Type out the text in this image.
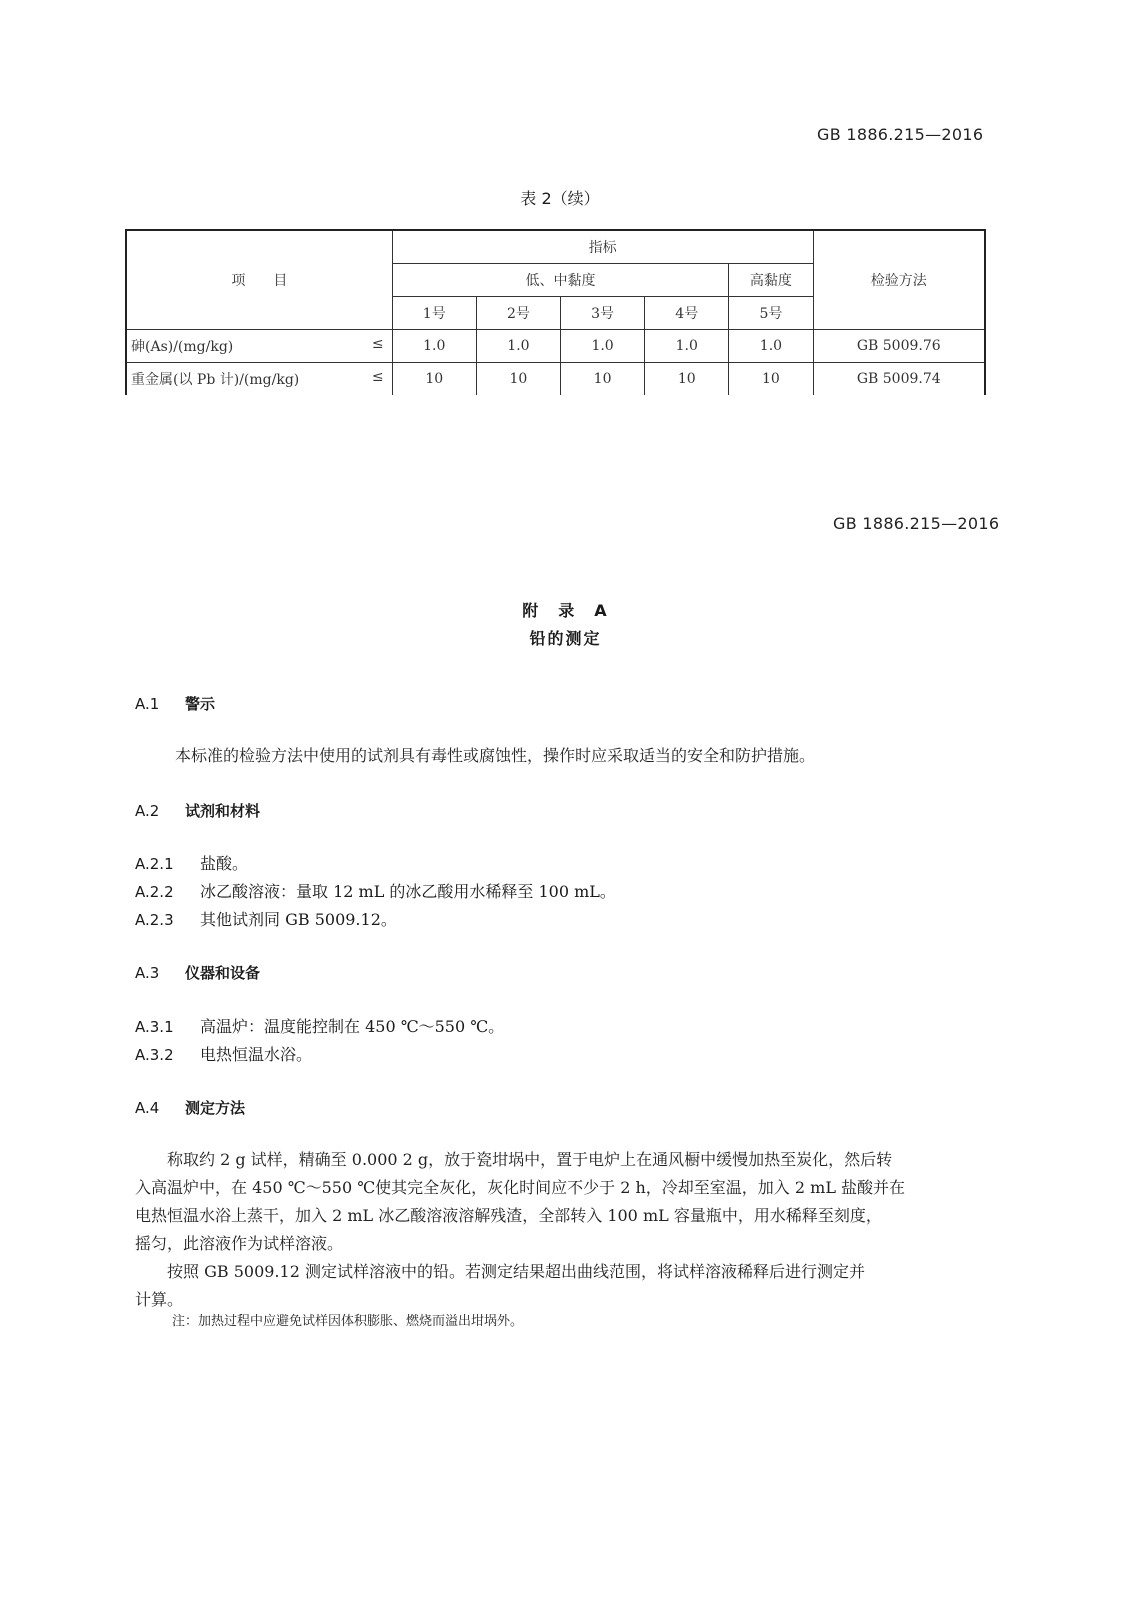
GB 1886.215—2016
表 2（续）
项　　目	指标					检验方法
	低、中黏度				高黏度	
	1号	2号	3号	4号	5号	
砷(As)/(mg/kg) ≤	1.0	1.0	1.0	1.0	1.0	GB 5009.76
重金属(以 Pb 计)/(mg/kg) ≤	10	10	10	10	10	GB 5009.74
GB 1886.215—2016
附　录　A
铅的测定
A.1 警示
本标准的检验方法中使用的试剂具有毒性或腐蚀性，操作时应采取适当的安全和防护措施。
A.2 试剂和材料
A.2.1 盐酸。
A.2.2 冰乙酸溶液：量取 12 mL 的冰乙酸用水稀释至 100 mL。
A.2.3 其他试剂同 GB 5009.12。
A.3 仪器和设备
A.3.1 高温炉：温度能控制在 450 ℃～550 ℃。
A.3.2 电热恒温水浴。
A.4 测定方法
　　称取约 2 g 试样，精确至 0.000 2 g，放于瓷坩埚中，置于电炉上在通风橱中缓慢加热至炭化，然后转
入高温炉中，在 450 ℃～550 ℃使其完全灰化，灰化时间应不少于 2 h，冷却至室温，加入 2 mL 盐酸并在
电热恒温水浴上蒸干，加入 2 mL 冰乙酸溶液溶解残渣，全部转入 100 mL 容量瓶中，用水稀释至刻度，
摇匀，此溶液作为试样溶液。
　　按照 GB 5009.12 测定试样溶液中的铅。若测定结果超出曲线范围，将试样溶液稀释后进行测定并
计算。
注：加热过程中应避免试样因体积膨胀、燃烧而溢出坩埚外。
